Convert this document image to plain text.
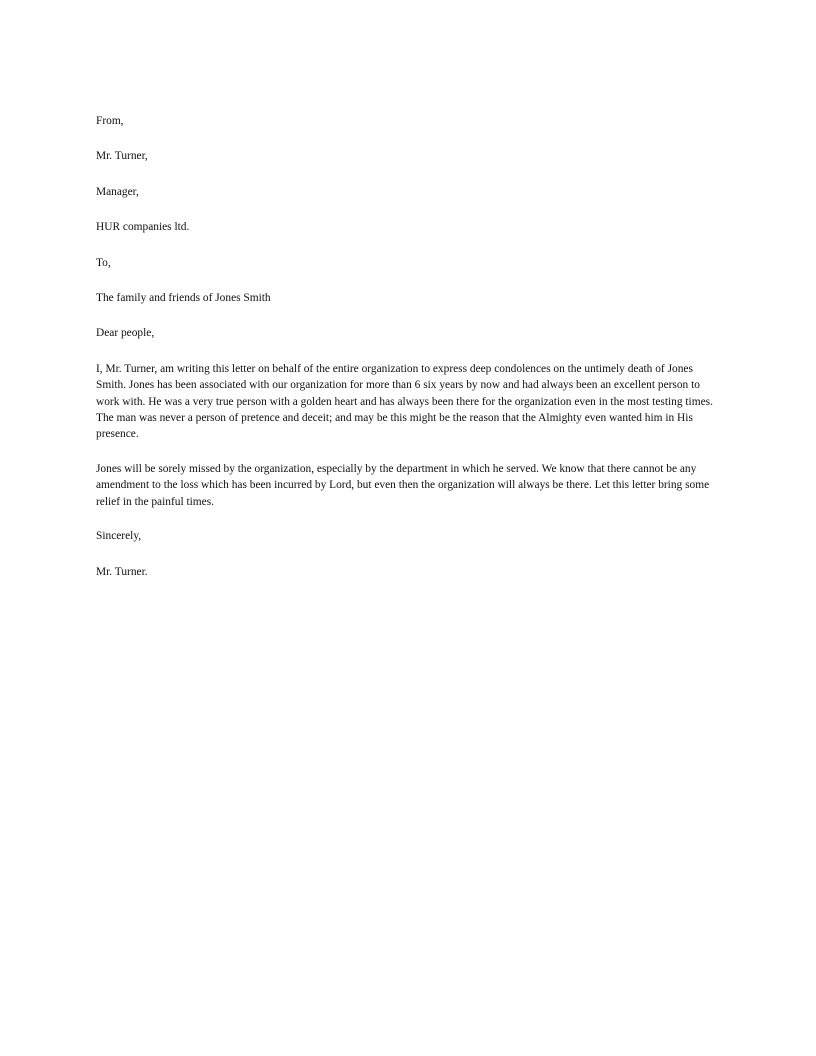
From,
Mr. Turner,
Manager,
HUR companies ltd.
To,
The family and friends of Jones Smith
Dear people,
I, Mr. Turner, am writing this letter on behalf of the entire organization to express deep condolences on the untimely death of Jones Smith. Jones has been associated with our organization for more than 6 six years by now and had always been an excellent person to work with. He was a very true person with a golden heart and has always been there for the organization even in the most testing times. The man was never a person of pretence and deceit; and may be this might be the reason that the Almighty even wanted him in His presence.
Jones will be sorely missed by the organization, especially by the department in which he served. We know that there cannot be any amendment to the loss which has been incurred by Lord, but even then the organization will always be there. Let this letter bring some relief in the painful times.
Sincerely,
Mr. Turner.
